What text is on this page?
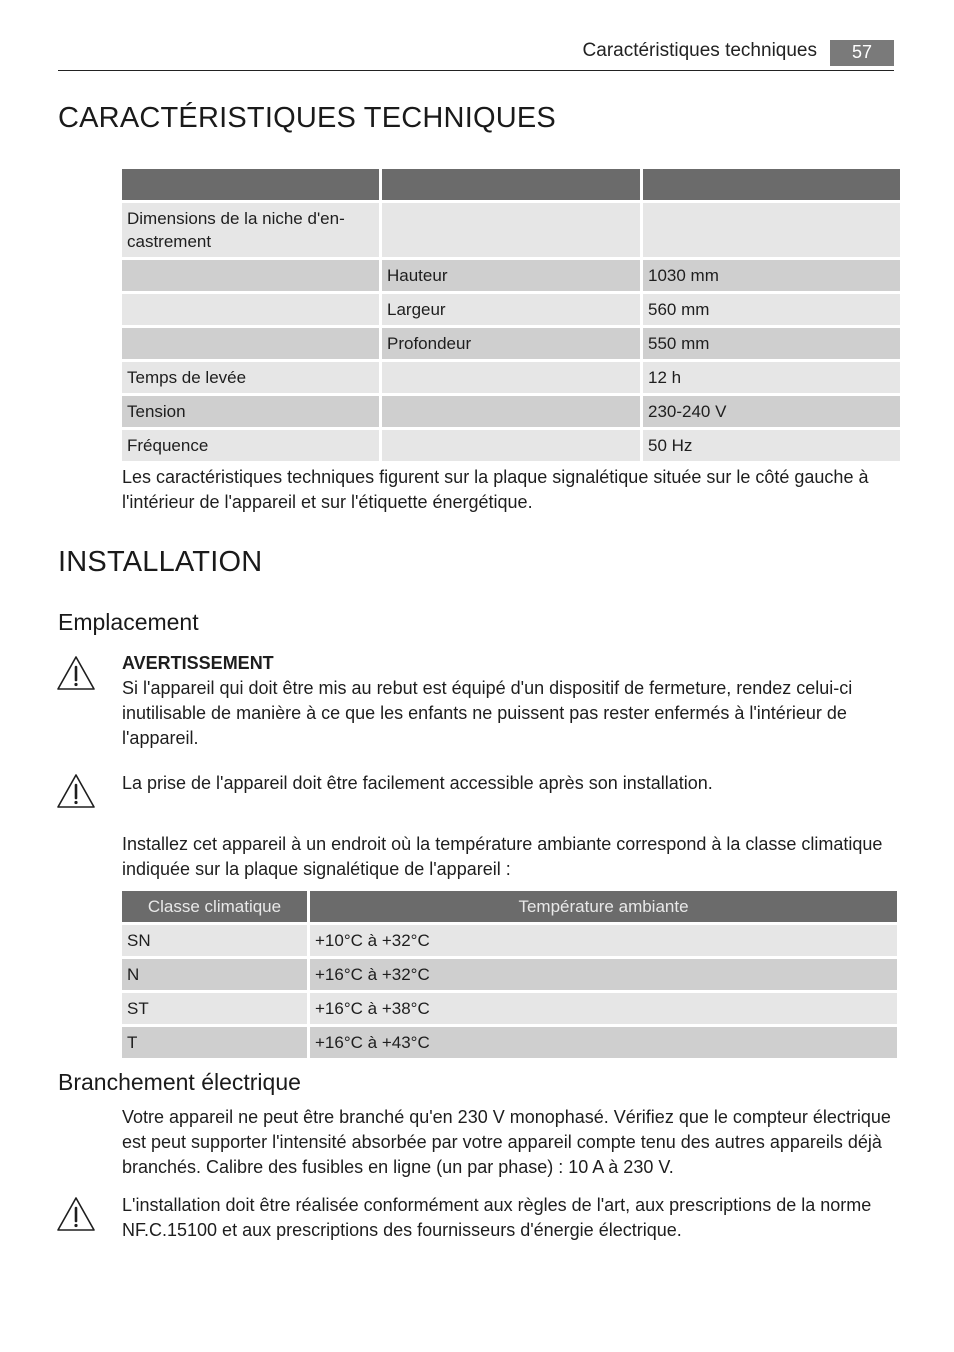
Caractéristiques techniques	57
CARACTÉRISTIQUES TECHNIQUES

Dimensions de la niche d'en-
castrement		
	Hauteur	1030 mm
	Largeur	560 mm
	Profondeur	550 mm
Temps de levée		12 h
Tension		230-240 V
Fréquence		50 Hz
Les caractéristiques techniques figurent sur la plaque signalétique située sur le côté gauche à l'intérieur de l'appareil et sur l'étiquette énergétique.
INSTALLATION
Emplacement
AVERTISSEMENT
Si l'appareil qui doit être mis au rebut est équipé d'un dispositif de fermeture, rendez celui-ci inutilisable de manière à ce que les enfants ne puissent pas rester enfermés à l'intérieur de l'appareil.
La prise de l'appareil doit être facilement accessible après son installation.
Installez cet appareil à un endroit où la température ambiante correspond à la classe climatique indiquée sur la plaque signalétique de l'appareil :
Classe climatique	Température ambiante
SN	+10°C à +32°C
N	+16°C à +32°C
ST	+16°C à +38°C
T	+16°C à +43°C
Branchement électrique
Votre appareil ne peut être branché qu'en 230 V monophasé. Vérifiez que le compteur électrique est peut supporter l'intensité absorbée par votre appareil compte tenu des autres appareils déjà branchés. Calibre des fusibles en ligne (un par phase) : 10 A à 230 V.
L'installation doit être réalisée conformément aux règles de l'art, aux prescriptions de la norme NF.C.15100 et aux prescriptions des fournisseurs d'énergie électrique.
